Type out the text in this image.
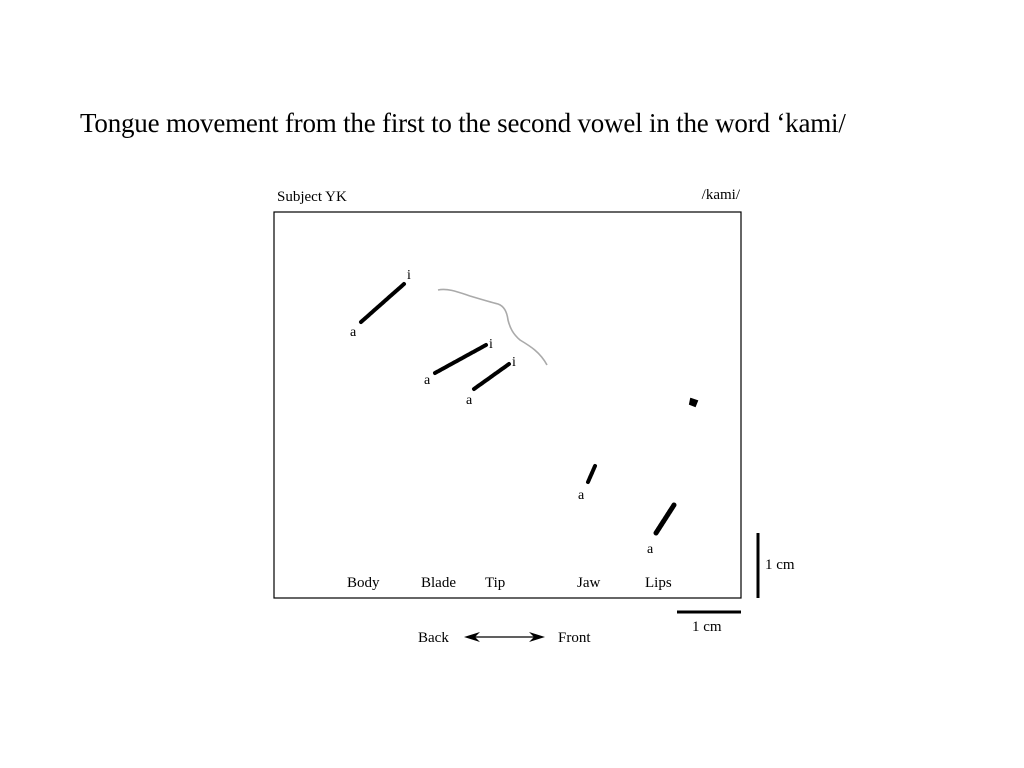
Tongue movement from the first to the second vowel in the word ‘kami/
Subject YK	/kami/
a
i
a
i
a
i
a
a
Body	Blade Tip	Jaw	Lips
1 cm
1 cm
Back	Front
